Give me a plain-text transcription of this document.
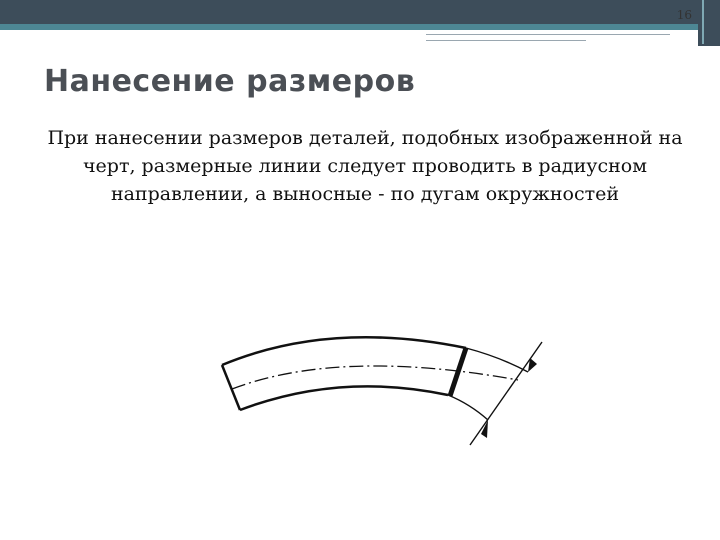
16
Нанесение размеров

При нанесении размеров деталей, подобных изображенной на черт, размерные линии следует проводить в радиусном направлении, а выносные - по дугам окружностей
